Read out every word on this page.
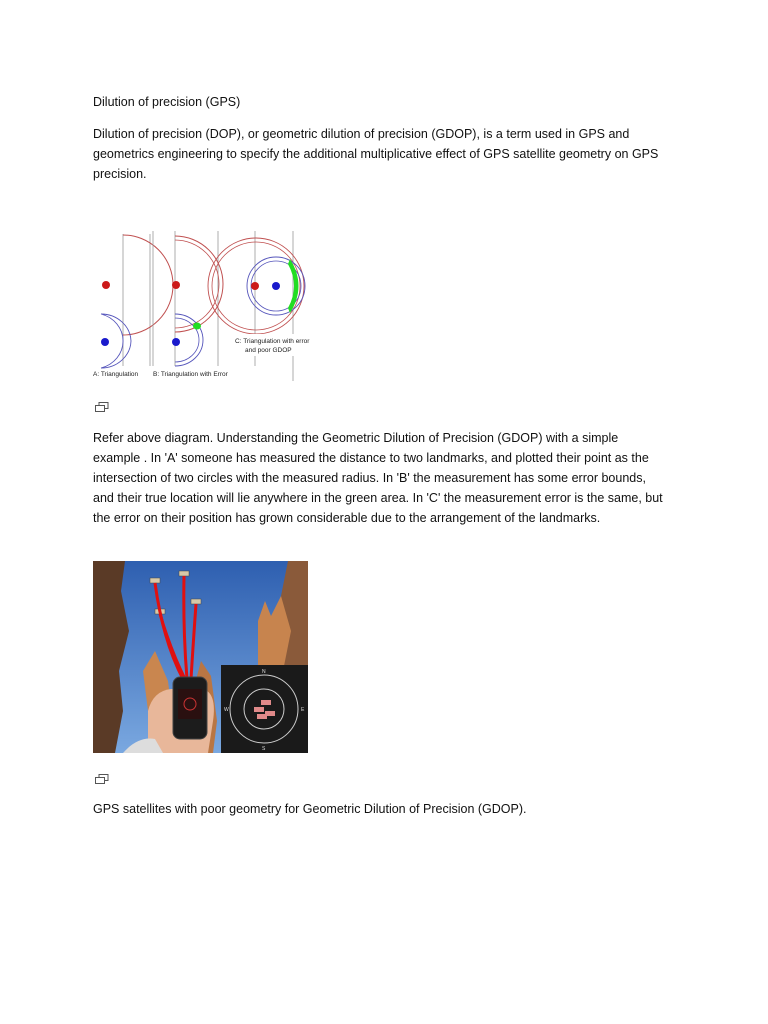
Dilution of precision (GPS)
Dilution of precision (DOP), or geometric dilution of precision (GDOP), is a term used in GPS and geometrics engineering to specify the additional multiplicative effect of GPS satellite geometry on GPS precision.
A: Triangulation B: Triangulation with Error
C: Triangulation with error
and poor GDOP
Refer above diagram. Understanding the Geometric Dilution of Precision (GDOP) with a simple example . In 'A' someone has measured the distance to two landmarks, and plotted their point as the intersection of two circles with the measured radius. In 'B' the measurement has some error bounds, and their true location will lie anywhere in the green area. In 'C' the measurement error is the same, but the error on their position has grown considerable due to the arrangement of the landmarks.
N
E
S
W
GPS satellites with poor geometry for Geometric Dilution of Precision (GDOP).
